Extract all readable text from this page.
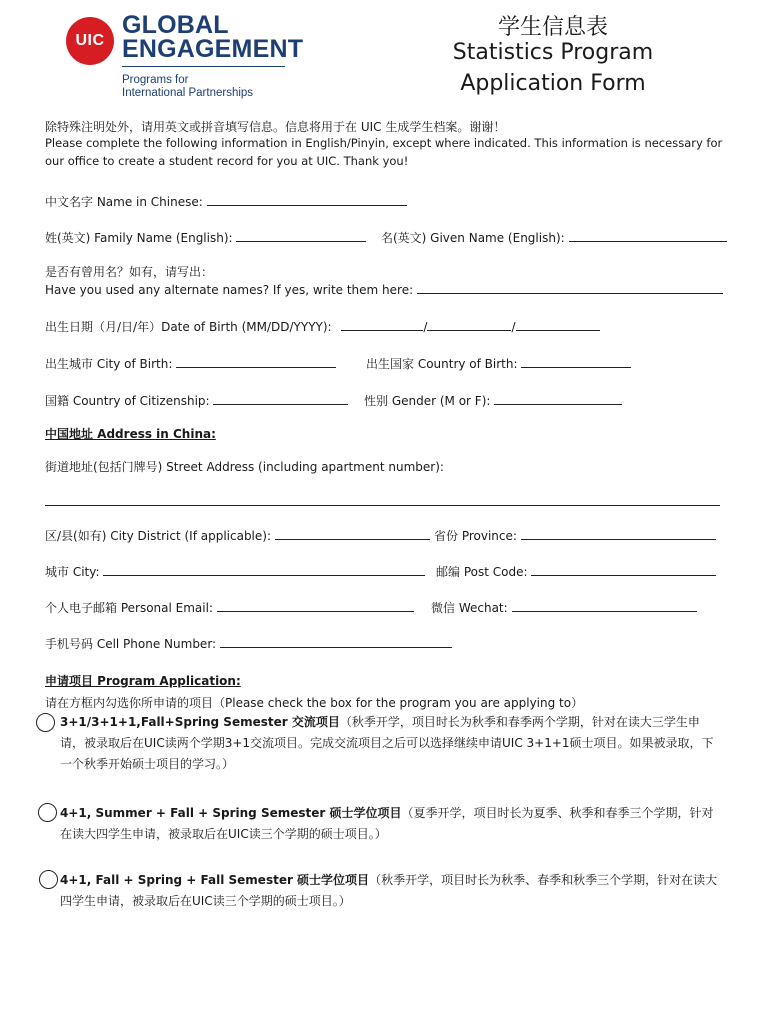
UIC
GLOBAL
ENGAGEMENT
Programs for
International Partnerships
学生信息表
Statistics Program
Application Form
除特殊注明处外，请用英文或拼音填写信息。信息将用于在 UIC 生成学生档案。谢谢！
Please complete the following information in English/Pinyin, except where indicated. This information is necessary for
our office to create a student record for you at UIC. Thank you!
中文名字 Name in Chinese:
姓(英文) Family Name (English):	名(英文) Given Name (English):
是否有曾用名？如有，请写出：
Have you used any alternate names? If yes, write them here:
出生日期（月/日/年）Date of Birth (MM/DD/YYYY):	/	/
出生城市 City of Birth:	出生国家 Country of Birth:
国籍 Country of Citizenship:	性别 Gender (M or F):
中国地址 Address in China:
街道地址(包括门牌号) Street Address (including apartment number):
区/县(如有) City District (If applicable):	省份 Province:
城市 City:	邮编 Post Code:
个人电子邮箱 Personal Email:	微信 Wechat:
手机号码 Cell Phone Number:
申请项目 Program Application:
请在方框内勾选你所申请的项目（Please check the box for the program you are applying to）
3+1/3+1+1,Fall+Spring Semester 交流项目（秋季开学，项目时长为秋季和春季两个学期，针对在读大三学生申请，被录取后在UIC读两个学期3+1交流项目。完成交流项目之后可以选择继续申请UIC 3+1+1硕士项目。如果被录取，下一个秋季开始硕士项目的学习。）
4+1, Summer + Fall + Spring Semester 硕士学位项目（夏季开学，项目时长为夏季、秋季和春季三个学期，针对在读大四学生申请，被录取后在UIC读三个学期的硕士项目。）
4+1, Fall + Spring + Fall Semester 硕士学位项目（秋季开学，项目时长为秋季、春季和秋季三个学期，针对在读大四学生申请，被录取后在UIC读三个学期的硕士项目。）
